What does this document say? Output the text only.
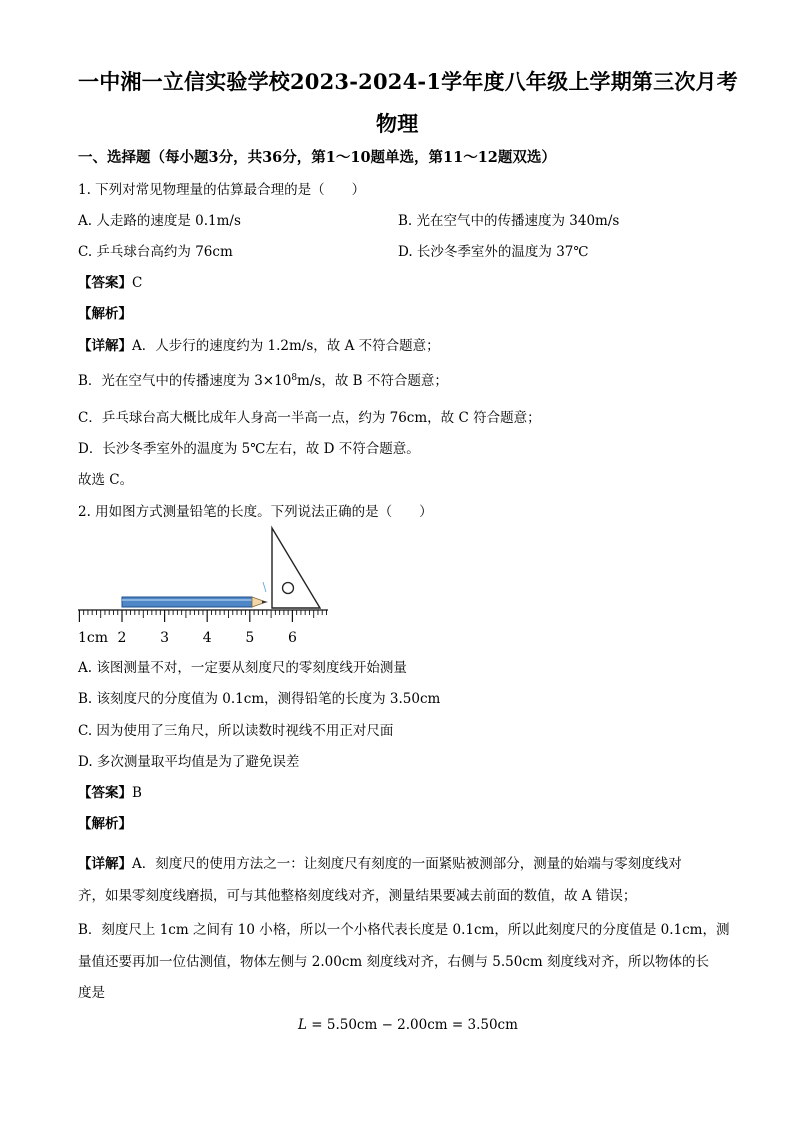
一中湘一立信实验学校2023-2024-1学年度八年级上学期第三次月考
物理
一、选择题（每小题3分，共36分，第1～10题单选，第11～12题双选）
1. 下列对常见物理量的估算最合理的是（　　）
A. 人走路的速度是 0.1m/s	B. 光在空气中的传播速度为 340m/s
C. 乒乓球台高约为 76cm	D. 长沙冬季室外的温度为 37℃
【答案】C
【解析】
【详解】A．人步行的速度约为 1.2m/s，故 A 不符合题意；
B．光在空气中的传播速度为 $3\times 10^8m/s$，故 B 不符合题意；
C．乒乓球台高大概比成年人身高一半高一点，约为 76cm，故 C 符合题意；
D．长沙冬季室外的温度为 5℃左右，故 D 不符合题意。
故选 C。
2. 用如图方式测量铅笔的长度。下列说法正确的是（　　）
1cm 2 3 4 5 6
A. 该图测量不对，一定要从刻度尺的零刻度线开始测量
B. 该刻度尺的分度值为 0.1cm，测得铅笔的长度为 3.50cm
C. 因为使用了三角尺，所以读数时视线不用正对尺面
D. 多次测量取平均值是为了避免误差
【答案】B
【解析】
【详解】A．刻度尺的使用方法之一：让刻度尺有刻度的一面紧贴被测部分，测量的始端与零刻度线对
齐，如果零刻度线磨损，可与其他整格刻度线对齐，测量结果要减去前面的数值，故 A 错误；
B．刻度尺上 1cm 之间有 10 小格，所以一个小格代表长度是 0.1cm，所以此刻度尺的分度值是 0.1cm，测
量值还要再加一位估测值，物体左侧与 2.00cm 刻度线对齐，右侧与 5.50cm 刻度线对齐，所以物体的长
度是
L = 5.50cm − 2.00cm = 3.50cm
